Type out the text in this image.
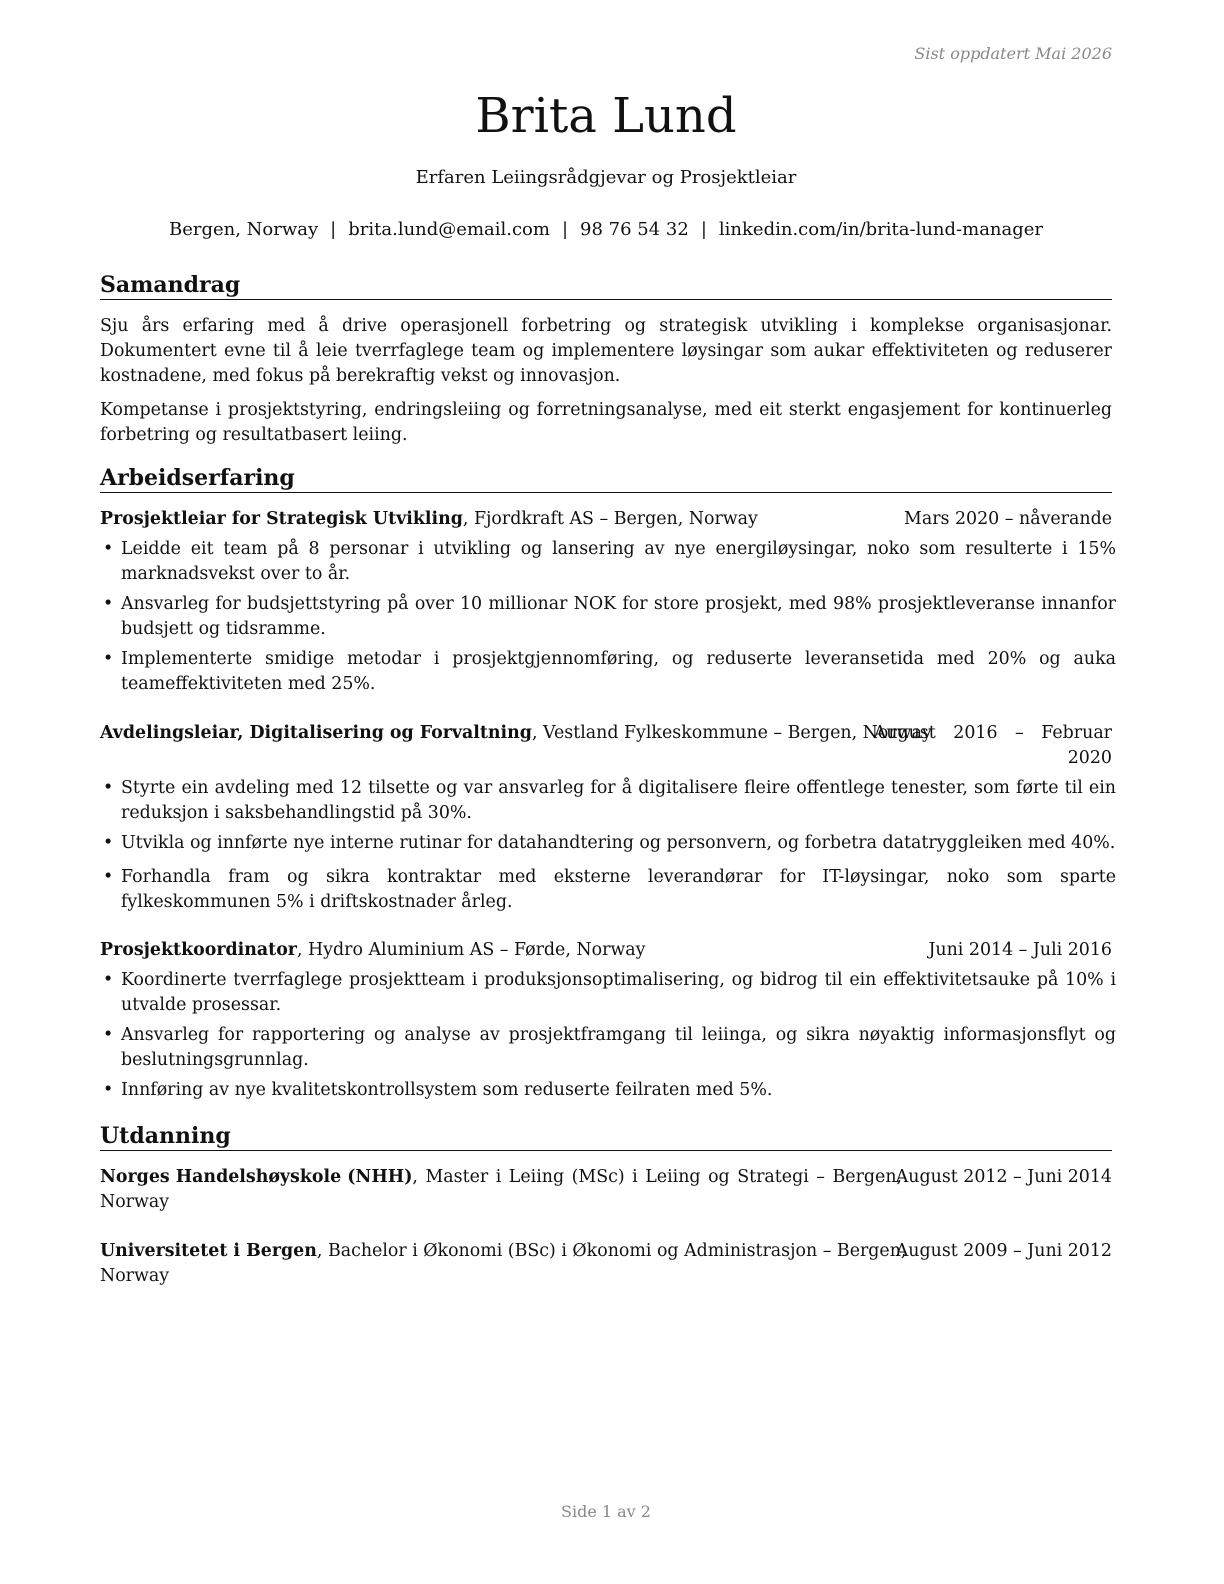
Sist oppdatert Mai 2026
Brita Lund
Erfaren Leiingsrådgjevar og Prosjektleiar
Bergen, Norway | brita.lund@email.com | 98 76 54 32 | linkedin.com/in/brita-lund-manager
Samandrag

Sju års erfaring med å drive operasjonell forbetring og strategisk utvikling i komplekse organisasjonar. Dokumentert evne til å leie tverrfaglege team og implementere løysingar som aukar effektiviteten og reduserer kostnadene, med fokus på berekraftig vekst og innovasjon.

Kompetanse i prosjektstyring, endringsleiing og forretningsanalyse, med eit sterkt engasjement for kontinuerleg forbetring og resultatbasert leiing.

Arbeidserfaring
Prosjektleiar for Strategisk Utvikling, Fjordkraft AS – Bergen, Norway	Mars 2020 – nåverande
• Leidde eit team på 8 personar i utvikling og lansering av nye energiløysingar, noko som resulterte i 15% marknadsvekst over to år.
• Ansvarleg for budsjettstyring på over 10 millionar NOK for store prosjekt, med 98% prosjektleveranse innanfor budsjett og tidsramme.
• Implementerte smidige metodar i prosjektgjennomføring, og reduserte leveransetida med 20% og auka teameffektiviteten med 25%.
Avdelingsleiar, Digitalisering og Forvaltning, Vestland Fylkeskommune – Bergen, Norway
August 2016 – Februar
2020
• Styrte ein avdeling med 12 tilsette og var ansvarleg for å digitalisere fleire offentlege tenester, som førte til ein reduksjon i saksbehandlingstid på 30%.
• Utvikla og innførte nye interne rutinar for datahandtering og personvern, og forbetra datatryggleiken med 40%.
• Forhandla fram og sikra kontraktar med eksterne leverandørar for IT-løysingar, noko som sparte fylkeskommunen 5% i driftskostnader årleg.
Prosjektkoordinator, Hydro Aluminium AS – Førde, Norway	Juni 2014 – Juli 2016
• Koordinerte tverrfaglege prosjektteam i produksjonsoptimalisering, og bidrog til ein effektivitetsauke på 10% i utvalde prosessar.
• Ansvarleg for rapportering og analyse av prosjektframgang til leiinga, og sikra nøyaktig informasjonsflyt og beslutningsgrunnlag.
• Innføring av nye kvalitetskontrollsystem som reduserte feilraten med 5%.
Utdanning
Norges Handelshøyskole (NHH), Master i Leiing (MSc) i Leiing og Strategi – Bergen,
Norway
August 2012 – Juni 2014
Universitetet i Bergen, Bachelor i Økonomi (BSc) i Økonomi og Administrasjon – Bergen,
Norway
August 2009 – Juni 2012
Side 1 av 2
